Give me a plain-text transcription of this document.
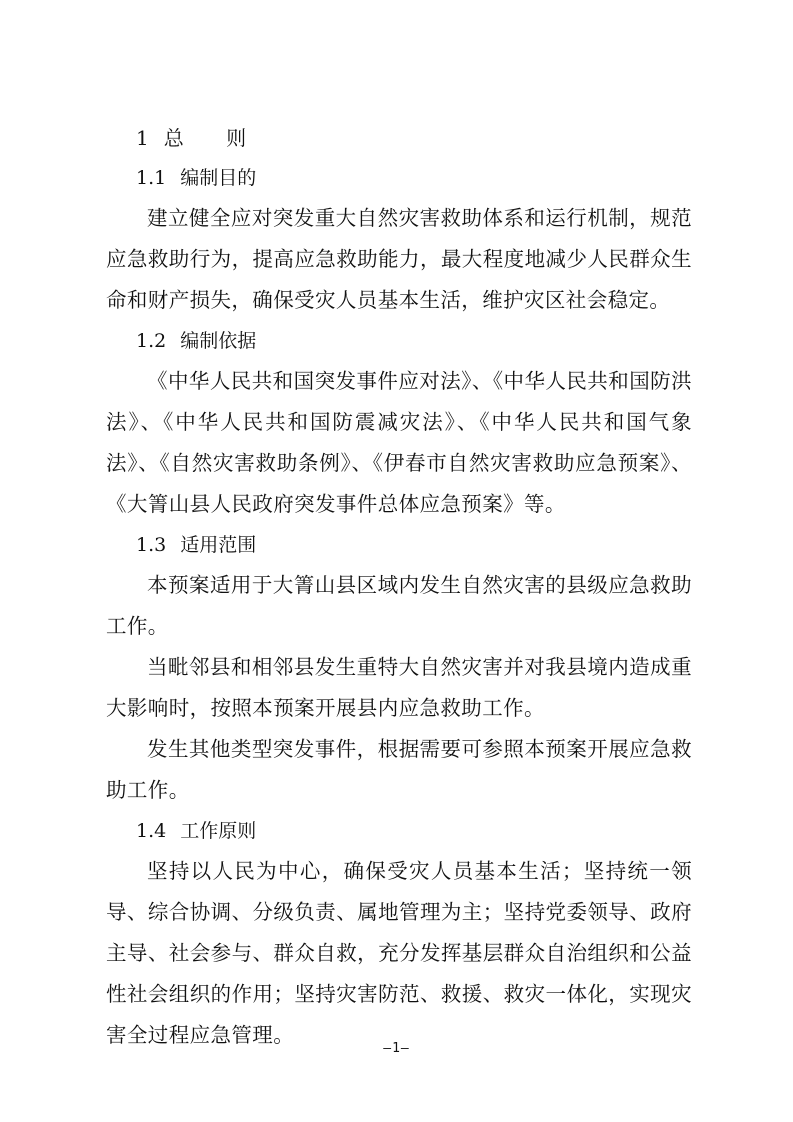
1 总 则
1.1 编制目的

建立健全应对突发重大自然灾害救助体系和运行机制，规范应急救助行为，提高应急救助能力，最大程度地减少人民群众生命和财产损失，确保受灾人员基本生活，维护灾区社会稳定。

1.2 编制依据

《中华人民共和国突发事件应对法》、《中华人民共和国防洪法》、《中华人民共和国防震减灾法》、《中华人民共和国气象法》、《自然灾害救助条例》、《伊春市自然灾害救助应急预案》、《大箐山县人民政府突发事件总体应急预案》等。

1.3 适用范围

本预案适用于大箐山县区域内发生自然灾害的县级应急救助工作。

当毗邻县和相邻县发生重特大自然灾害并对我县境内造成重大影响时，按照本预案开展县内应急救助工作。

发生其他类型突发事件，根据需要可参照本预案开展应急救助工作。

1.4 工作原则

坚持以人民为中心，确保受灾人员基本生活；坚持统一领导、综合协调、分级负责、属地管理为主；坚持党委领导、政府主导、社会参与、群众自救，充分发挥基层群众自治组织和公益性社会组织的作用；坚持灾害防范、救援、救灾一体化，实现灾害全过程应急管理。

—1—
